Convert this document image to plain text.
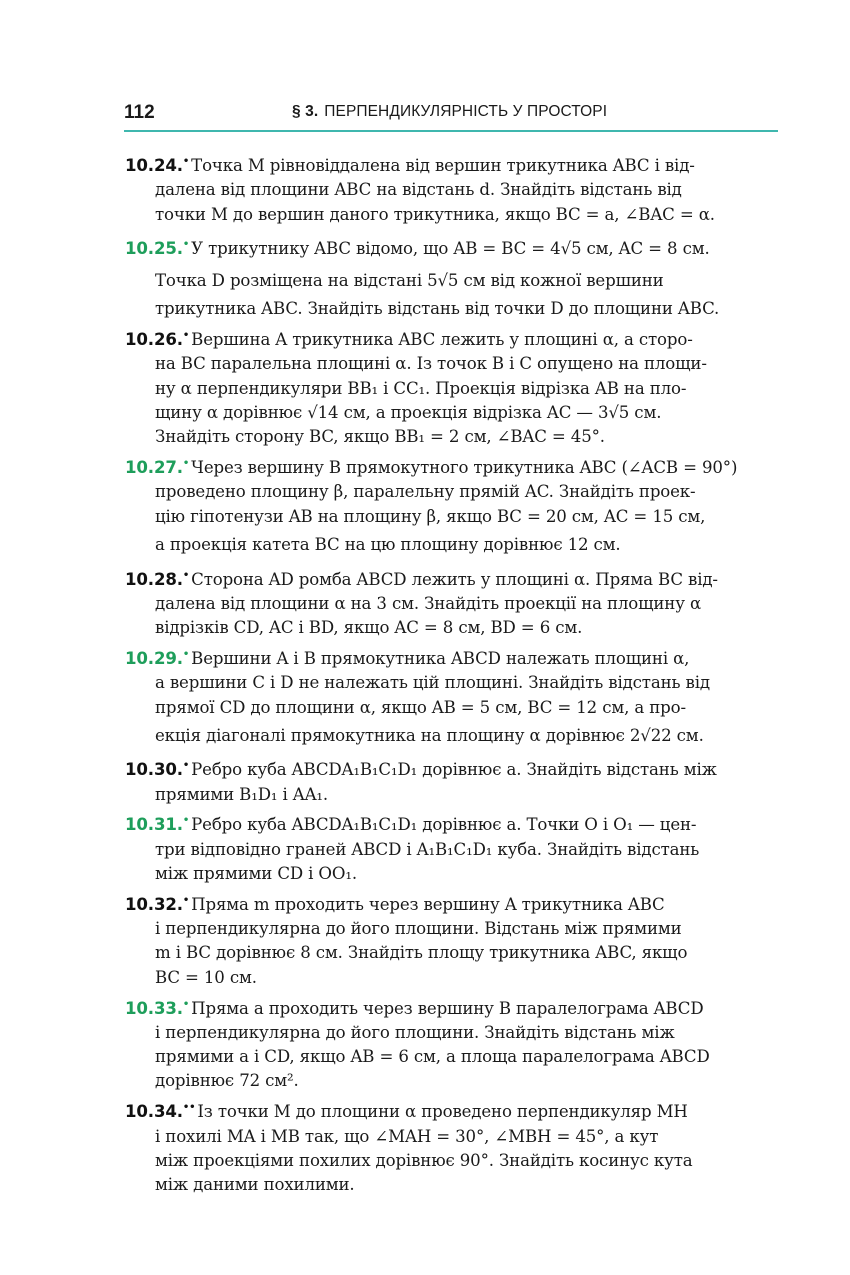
112	§ 3. ПЕРПЕНДИКУЛЯРНІСТЬ У ПРОСТОРІ
10.24.• Точка M рівновіддалена від вершин трикутника ABC і від-
далена від площини ABC на відстань d. Знайдіть відстань від
точки M до вершин даного трикутника, якщо BC = a, ∠BAC = α.
10.25.• У трикутнику ABC відомо, що AB = BC = 4√5 см, AC = 8 см.
Точка D розміщена на відстані 5√5 см від кожної вершини
трикутника ABC. Знайдіть відстань від точки D до площини ABC.
10.26.• Вершина A трикутника ABC лежить у площині α, а сторо-
на BC паралельна площині α. Із точок B і C опущено на площи-
ну α перпендикуляри BB₁ і CC₁. Проекція відрізка AB на пло-
щину α дорівнює √14 см, а проекція відрізка AC — 3√5 см.
Знайдіть сторону BC, якщо BB₁ = 2 см, ∠BAC = 45°.
10.27.• Через вершину B прямокутного трикутника ABC (∠ACB = 90°)
проведено площину β, паралельну прямій AC. Знайдіть проек-
цію гіпотенузи AB на площину β, якщо BC = 20 см, AC = 15 см,
а проекція катета BC на цю площину дорівнює 12 см.
10.28.• Сторона AD ромба ABCD лежить у площині α. Пряма BC від-
далена від площини α на 3 см. Знайдіть проекції на площину α
відрізків CD, AC і BD, якщо AC = 8 см, BD = 6 см.
10.29.• Вершини A і B прямокутника ABCD належать площині α,
а вершини C і D не належать цій площині. Знайдіть відстань від
прямої CD до площини α, якщо AB = 5 см, BC = 12 см, а про-
екція діагоналі прямокутника на площину α дорівнює 2√22 см.
10.30.• Ребро куба ABCDA₁B₁C₁D₁ дорівнює a. Знайдіть відстань між
прямими B₁D₁ і AA₁.
10.31.• Ребро куба ABCDA₁B₁C₁D₁ дорівнює a. Точки O і O₁ — цен-
три відповідно граней ABCD і A₁B₁C₁D₁ куба. Знайдіть відстань
між прямими CD і OO₁.
10.32.• Пряма m проходить через вершину A трикутника ABC
і перпендикулярна до його площини. Відстань між прямими
m і BC дорівнює 8 см. Знайдіть площу трикутника ABC, якщо
BC = 10 см.
10.33.• Пряма a проходить через вершину B паралелограма ABCD
і перпендикулярна до його площини. Знайдіть відстань між
прямими a і CD, якщо AB = 6 см, а площа паралелограма ABCD
дорівнює 72 см².
10.34.•• Із точки M до площини α проведено перпендикуляр MH
і похилі MA і MB так, що ∠MAH = 30°, ∠MBH = 45°, а кут
між проекціями похилих дорівнює 90°. Знайдіть косинус кута
між даними похилими.
